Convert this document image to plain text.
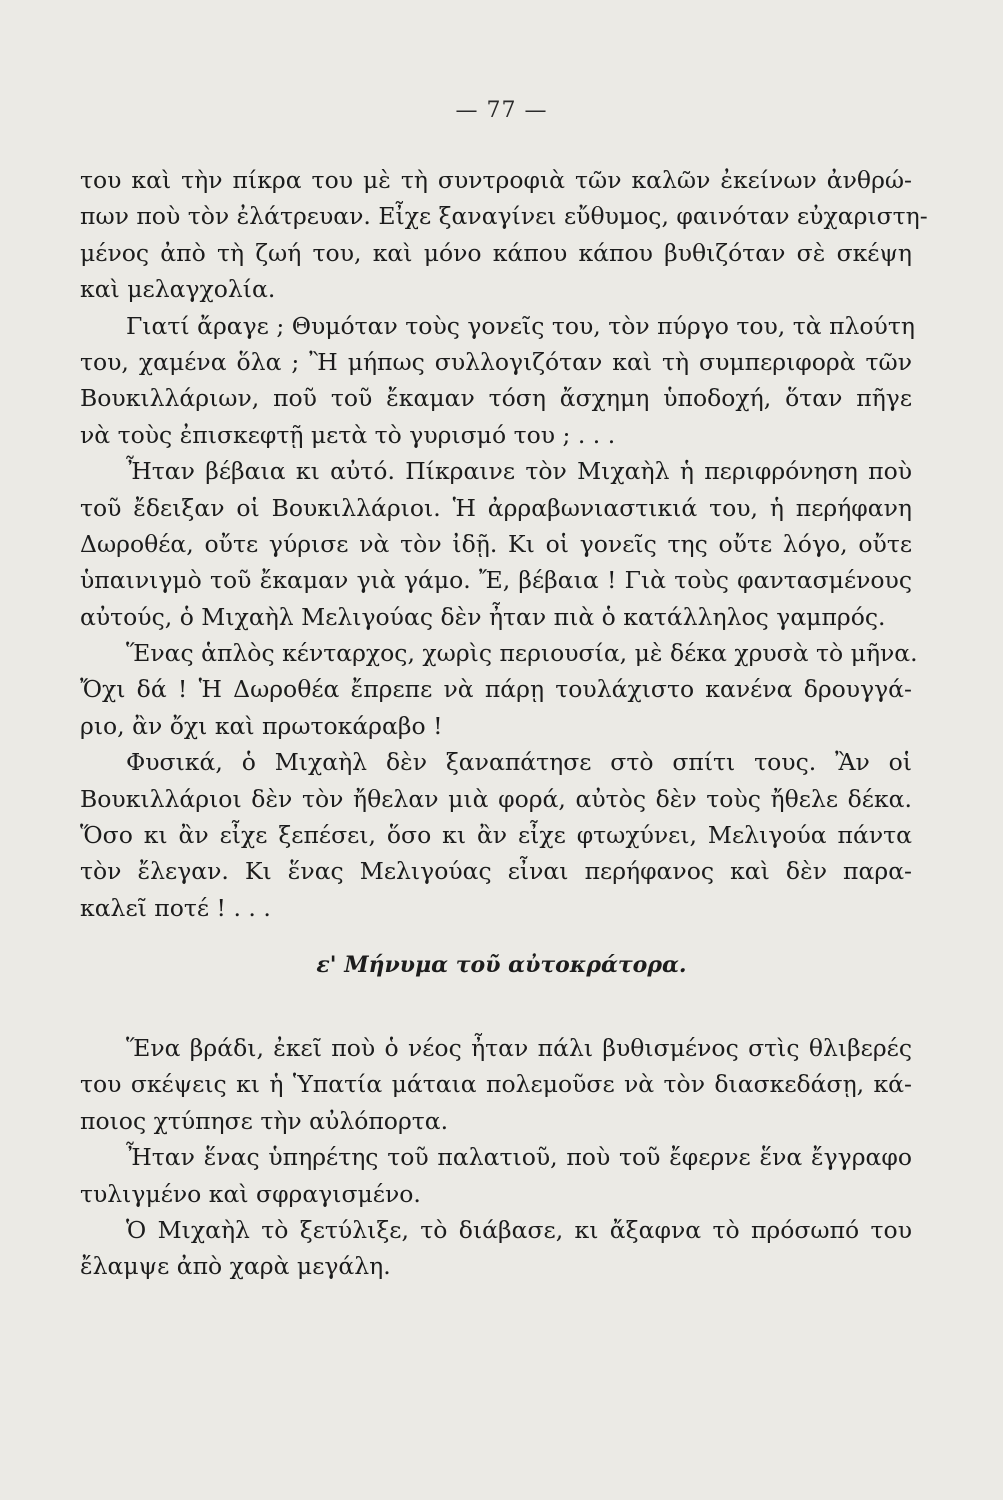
— 77 —
του καὶ τὴν πίκρα του μὲ τὴ συντροφιὰ τῶν καλῶν ἐκείνων ἀνθρώ-
πων ποὺ τὸν ἐλάτρευαν. Εἶχε ξαναγίνει εὔθυμος, φαινόταν εὐχαριστη-
μένος ἀπὸ τὴ ζωή του, καὶ μόνο κάπου κάπου βυθιζόταν σὲ σκέψη
καὶ μελαγχολία.
Γιατί ἄραγε ; Θυμόταν τοὺς γονεῖς του, τὸν πύργο του, τὰ πλούτη
του, χαμένα ὅλα ; Ἢ μήπως συλλογιζόταν καὶ τὴ συμπεριφορὰ τῶν
Βουκιλλάριων, ποῦ τοῦ ἔκαμαν τόση ἄσχημη ὑποδοχή, ὅταν πῆγε
νὰ τοὺς ἐπισκεφτῇ μετὰ τὸ γυρισμό του ; . . .
Ἦταν βέβαια κι αὐτό. Πίκραινε τὸν Μιχαὴλ ἡ περιφρόνηση ποὺ
τοῦ ἔδειξαν οἱ Βουκιλλάριοι. Ἡ ἀρραβωνιαστικιά του, ἡ περήφανη
Δωροθέα, οὔτε γύρισε νὰ τὸν ἰδῇ. Κι οἱ γονεῖς της οὔτε λόγο, οὔτε
ὑπαινιγμὸ τοῦ ἔκαμαν γιὰ γάμο. Ἔ, βέβαια ! Γιὰ τοὺς φαντασμένους
αὐτούς, ὁ Μιχαὴλ Μελιγούας δὲν ἦταν πιὰ ὁ κατάλληλος γαμπρός.
Ἕνας ἁπλὸς κένταρχος, χωρὶς περιουσία, μὲ δέκα χρυσὰ τὸ μῆνα.
Ὄχι δά ! Ἡ Δωροθέα ἔπρεπε νὰ πάρῃ τουλάχιστο κανένα δρουγγά-
ριο, ἂν ὄχι καὶ πρωτοκάραβο !
Φυσικά, ὁ Μιχαὴλ δὲν ξαναπάτησε στὸ σπίτι τους. Ἂν οἱ
Βουκιλλάριοι δὲν τὸν ἤθελαν μιὰ φορά, αὐτὸς δὲν τοὺς ἤθελε δέκα.
Ὅσο κι ἂν εἶχε ξεπέσει, ὅσο κι ἂν εἶχε φτωχύνει, Μελιγούα πάντα
τὸν ἔλεγαν. Κι ἕνας Μελιγούας εἶναι περήφανος καὶ δὲν παρα-
καλεῖ ποτέ ! . . .
ε' Μήνυμα τοῦ αὐτοκράτορα.
Ἕνα βράδι, ἐκεῖ ποὺ ὁ νέος ἦταν πάλι βυθισμένος στὶς θλιβερές
του σκέψεις κι ἡ Ὑπατία μάταια πολεμοῦσε νὰ τὸν διασκεδάσῃ, κά-
ποιος χτύπησε τὴν αὐλόπορτα.
Ἦταν ἕνας ὑπηρέτης τοῦ παλατιοῦ, ποὺ τοῦ ἔφερνε ἕνα ἔγγραφο
τυλιγμένο καὶ σφραγισμένο.
Ὁ Μιχαὴλ τὸ ξετύλιξε, τὸ διάβασε, κι ἄξαφνα τὸ πρόσωπό του
ἔλαμψε ἀπὸ χαρὰ μεγάλη.
